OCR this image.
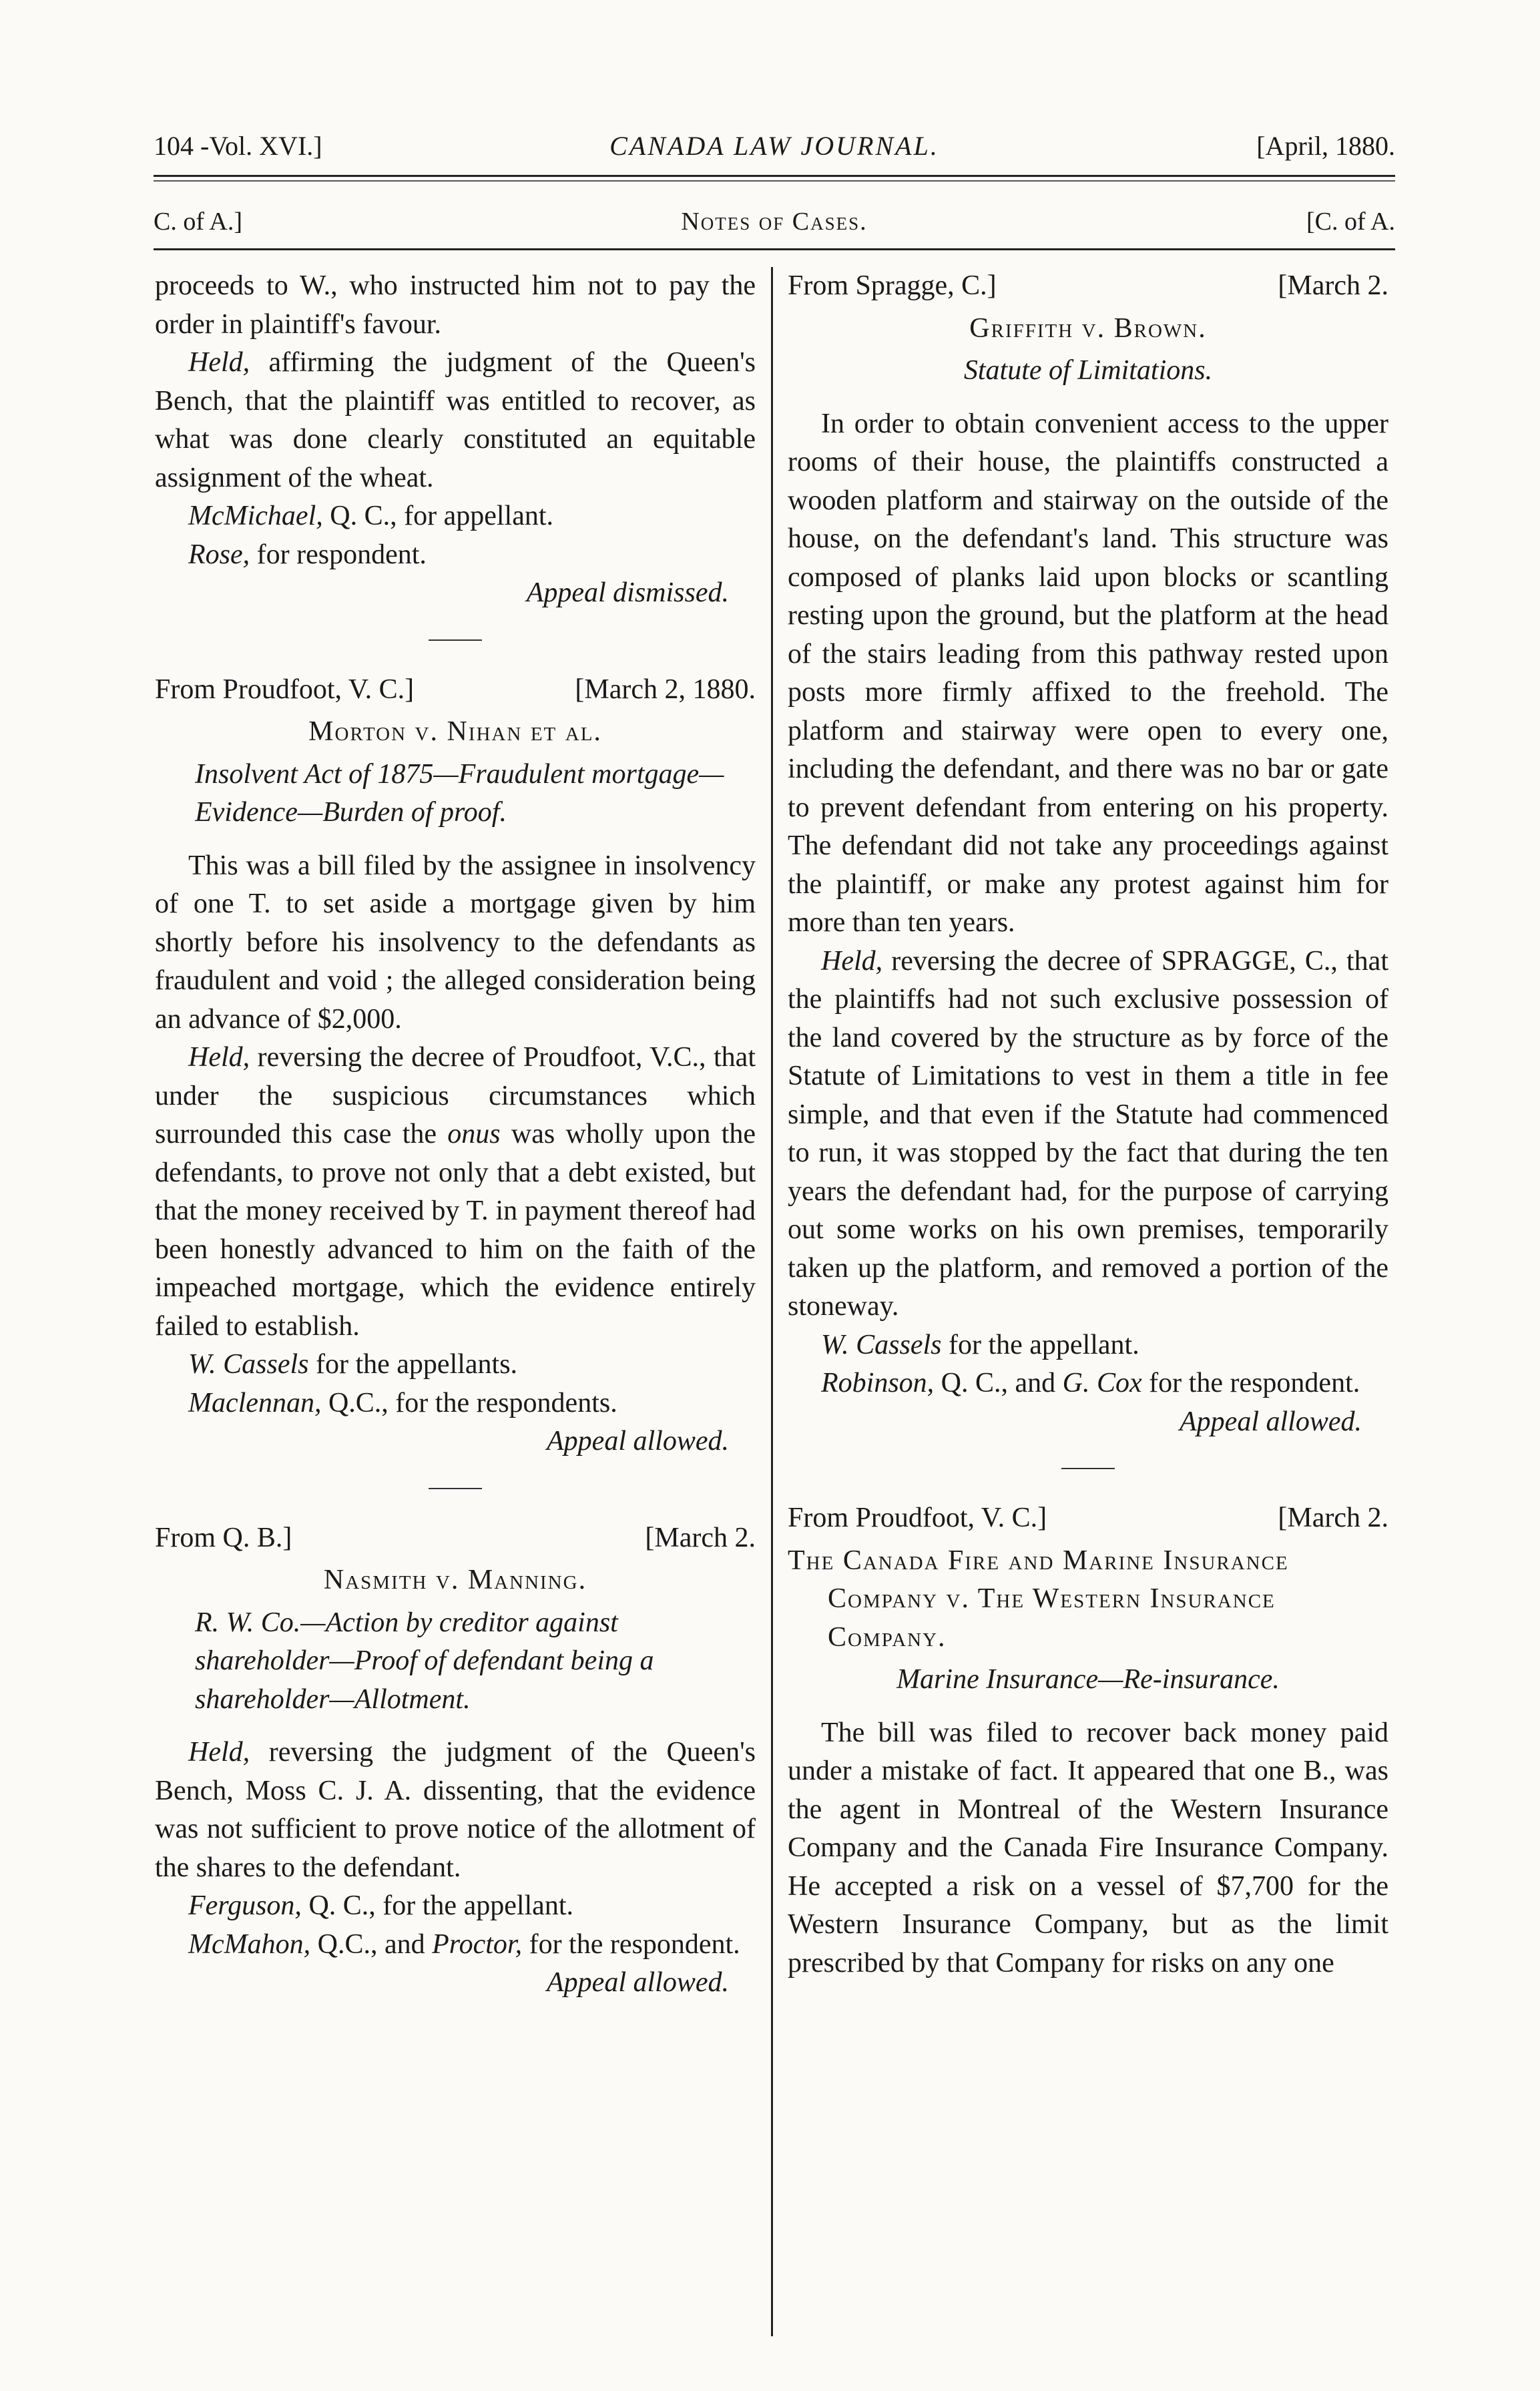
104 -Vol. XVI.]	CANADA LAW JOURNAL.	[April, 1880.
C. of A.]	Notes of Cases.	[C. of A.

proceeds to W., who instructed him not to pay the order in plaintiff's favour.

Held, affirming the judgment of the Queen's Bench, that the plaintiff was entitled to recover, as what was done clearly constituted an equitable assignment of the wheat.

McMichael, Q. C., for appellant.

Rose, for respondent.

Appeal dismissed.

From Proudfoot, V. C.]	[March 2, 1880.

Morton v. Nihan et al.

Insolvent Act of 1875—Fraudulent mortgage—Evidence—Burden of proof.

This was a bill filed by the assignee in insolvency of one T. to set aside a mortgage given by him shortly before his insolvency to the defendants as fraudulent and void ; the alleged consideration being an advance of $2,000.

Held, reversing the decree of Proudfoot, V.C., that under the suspicious circumstances which surrounded this case the onus was wholly upon the defendants, to prove not only that a debt existed, but that the money received by T. in payment thereof had been honestly advanced to him on the faith of the impeached mortgage, which the evidence entirely failed to establish.

W. Cassels for the appellants.

Maclennan, Q.C., for the respondents.

Appeal allowed.

From Q. B.]	[March 2.

Nasmith v. Manning.

R. W. Co.—Action by creditor against shareholder—Proof of defendant being a shareholder—Allotment.

Held, reversing the judgment of the Queen's Bench, Moss C. J. A. dissenting, that the evidence was not sufficient to prove notice of the allotment of the shares to the defendant.

Ferguson, Q. C., for the appellant.

McMahon, Q.C., and Proctor, for the respondent.

Appeal allowed.

From Spragge, C.]	[March 2.

Griffith v. Brown.

Statute of Limitations.

In order to obtain convenient access to the upper rooms of their house, the plaintiffs constructed a wooden platform and stairway on the outside of the house, on the defendant's land. This structure was composed of planks laid upon blocks or scantling resting upon the ground, but the platform at the head of the stairs leading from this pathway rested upon posts more firmly affixed to the freehold. The platform and stairway were open to every one, including the defendant, and there was no bar or gate to prevent defendant from entering on his property. The defendant did not take any proceedings against the plaintiff, or make any protest against him for more than ten years.

Held, reversing the decree of SPRAGGE, C., that the plaintiffs had not such exclusive possession of the land covered by the structure as by force of the Statute of Limitations to vest in them a title in fee simple, and that even if the Statute had commenced to run, it was stopped by the fact that during the ten years the defendant had, for the purpose of carrying out some works on his own premises, temporarily taken up the platform, and removed a portion of the stoneway.

W. Cassels for the appellant.

Robinson, Q. C., and G. Cox for the respondent.

Appeal allowed.

From Proudfoot, V. C.]	[March 2.

The Canada Fire and Marine Insurance Company v. The Western Insurance Company.

Marine Insurance—Re-insurance.

The bill was filed to recover back money paid under a mistake of fact. It appeared that one B., was the agent in Montreal of the Western Insurance Company and the Canada Fire Insurance Company. He accepted a risk on a vessel of $7,700 for the Western Insurance Company, but as the limit prescribed by that Company for risks on any one
